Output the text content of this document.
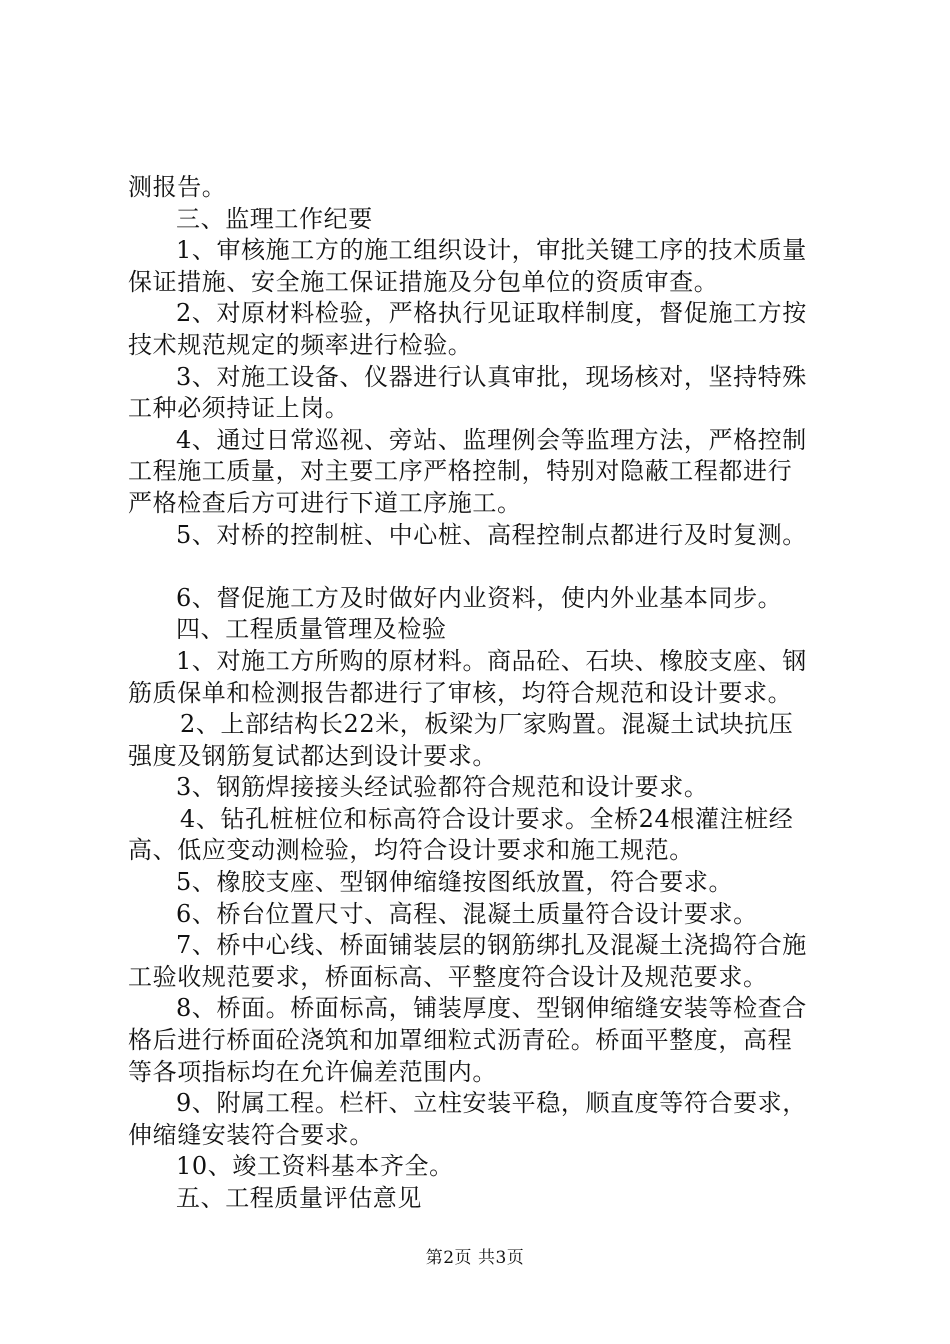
测报告。
三、监理工作纪要
1、审核施工方的施工组织设计，审批关键工序的技术质量
保证措施、安全施工保证措施及分包单位的资质审查。
2、对原材料检验，严格执行见证取样制度，督促施工方按
技术规范规定的频率进行检验。
3、对施工设备、仪器进行认真审批，现场核对，坚持特殊
工种必须持证上岗。
4、通过日常巡视、旁站、监理例会等监理方法，严格控制
工程施工质量，对主要工序严格控制，特别对隐蔽工程都进行
严格检查后方可进行下道工序施工。
5、对桥的控制桩、中心桩、高程控制点都进行及时复测。
6、督促施工方及时做好内业资料，使内外业基本同步。
四、工程质量管理及检验
1、对施工方所购的原材料。商品砼、石块、橡胶支座、钢
筋质保单和检测报告都进行了审核，均符合规范和设计要求。
2、上部结构长22米，板梁为厂家购置。混凝土试块抗压
强度及钢筋复试都达到设计要求。
3、钢筋焊接接头经试验都符合规范和设计要求。
4、钻孔桩桩位和标高符合设计要求。全桥24根灌注桩经
高、低应变动测检验，均符合设计要求和施工规范。
5、橡胶支座、型钢伸缩缝按图纸放置，符合要求。
6、桥台位置尺寸、高程、混凝土质量符合设计要求。
7、桥中心线、桥面铺装层的钢筋绑扎及混凝土浇捣符合施
工验收规范要求，桥面标高、平整度符合设计及规范要求。
8、桥面。桥面标高，铺装厚度、型钢伸缩缝安装等检查合
格后进行桥面砼浇筑和加罩细粒式沥青砼。桥面平整度，高程
等各项指标均在允许偏差范围内。
9、附属工程。栏杆、立柱安装平稳，顺直度等符合要求，
伸缩缝安装符合要求。
10、竣工资料基本齐全。
五、工程质量评估意见
第2页 共3页
